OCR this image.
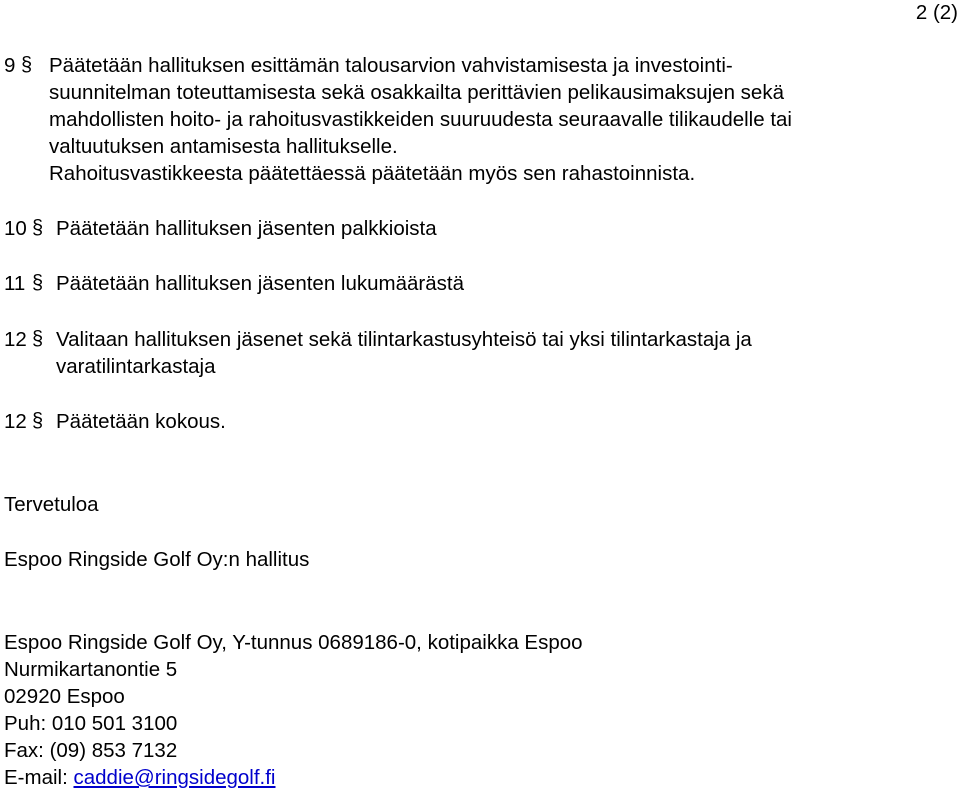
2 (2)
9 § Päätetään hallituksen esittämän talousarvion vahvistamisesta ja investointi-
suunnitelman toteuttamisesta sekä osakkailta perittävien pelikausimaksujen sekä
mahdollisten hoito- ja rahoitusvastikkeiden suuruudesta seuraavalle tilikaudelle tai
valtuutuksen antamisesta hallitukselle.
Rahoitusvastikkeesta päätettäessä päätetään myös sen rahastoinnista.
10 § Päätetään hallituksen jäsenten palkkioista
11 § Päätetään hallituksen jäsenten lukumäärästä
12 § Valitaan hallituksen jäsenet sekä tilintarkastusyhteisö tai yksi tilintarkastaja ja
varatilintarkastaja
12 § Päätetään kokous.
Tervetuloa
Espoo Ringside Golf Oy:n hallitus
Espoo Ringside Golf Oy, Y-tunnus 0689186-0, kotipaikka Espoo
Nurmikartanontie 5
02920 Espoo
Puh: 010 501 3100
Fax: (09) 853 7132
E-mail: caddie@ringsidegolf.fi
